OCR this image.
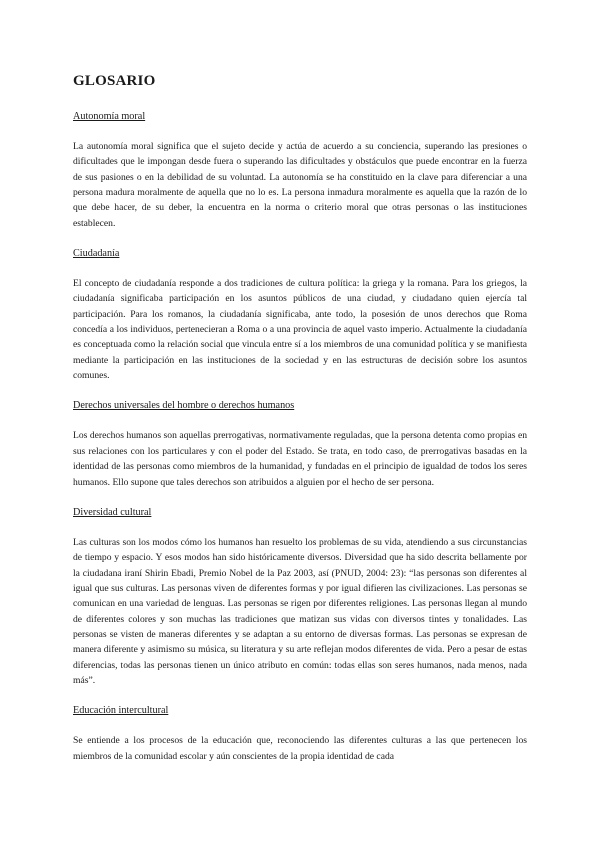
GLOSARIO
Autonomía moral

La autonomía moral significa que el sujeto decide y actúa de acuerdo a su conciencia, superando las presiones o dificultades que le impongan desde fuera o superando las dificultades y obstáculos que puede encontrar en la fuerza de sus pasiones o en la debilidad de su voluntad. La autonomía se ha constituido en la clave para diferenciar a una persona madura moralmente de aquella que no lo es. La persona inmadura moralmente es aquella que la razón de lo que debe hacer, de su deber, la encuentra en la norma o criterio moral que otras personas o las instituciones establecen.

Ciudadanía

El concepto de ciudadanía responde a dos tradiciones de cultura política: la griega y la romana. Para los griegos, la ciudadanía significaba participación en los asuntos públicos de una ciudad, y ciudadano quien ejercía tal participación. Para los romanos, la ciudadanía significaba, ante todo, la posesión de unos derechos que Roma concedía a los individuos, pertenecieran a Roma o a una provincia de aquel vasto imperio. Actualmente la ciudadanía es conceptuada como la relación social que vincula entre sí a los miembros de una comunidad política y se manifiesta mediante la participación en las instituciones de la sociedad y en las estructuras de decisión sobre los asuntos comunes.

Derechos universales del hombre o derechos humanos

Los derechos humanos son aquellas prerrogativas, normativamente reguladas, que la persona detenta como propias en sus relaciones con los particulares y con el poder del Estado. Se trata, en todo caso, de prerrogativas basadas en la identidad de las personas como miembros de la humanidad, y fundadas en el principio de igualdad de todos los seres humanos. Ello supone que tales derechos son atribuidos a alguien por el hecho de ser persona.

Diversidad cultural

Las culturas son los modos cómo los humanos han resuelto los problemas de su vida, atendiendo a sus circunstancias de tiempo y espacio. Y esos modos han sido históricamente diversos. Diversidad que ha sido descrita bellamente por la ciudadana iraní Shirin Ebadi, Premio Nobel de la Paz 2003, así (PNUD, 2004: 23): “las personas son diferentes al igual que sus culturas. Las personas viven de diferentes formas y por igual difieren las civilizaciones. Las personas se comunican en una variedad de lenguas. Las personas se rigen por diferentes religiones. Las personas llegan al mundo de diferentes colores y son muchas las tradiciones que matizan sus vidas con diversos tintes y tonalidades. Las personas se visten de maneras diferentes y se adaptan a su entorno de diversas formas. Las personas se expresan de manera diferente y asimismo su música, su literatura y su arte reflejan modos diferentes de vida. Pero a pesar de estas diferencias, todas las personas tienen un único atributo en común: todas ellas son seres humanos, nada menos, nada más”.

Educación intercultural

Se entiende a los procesos de la educación que, reconociendo las diferentes culturas a las que pertenecen los miembros de la comunidad escolar y aún conscientes de la propia identidad de cada
